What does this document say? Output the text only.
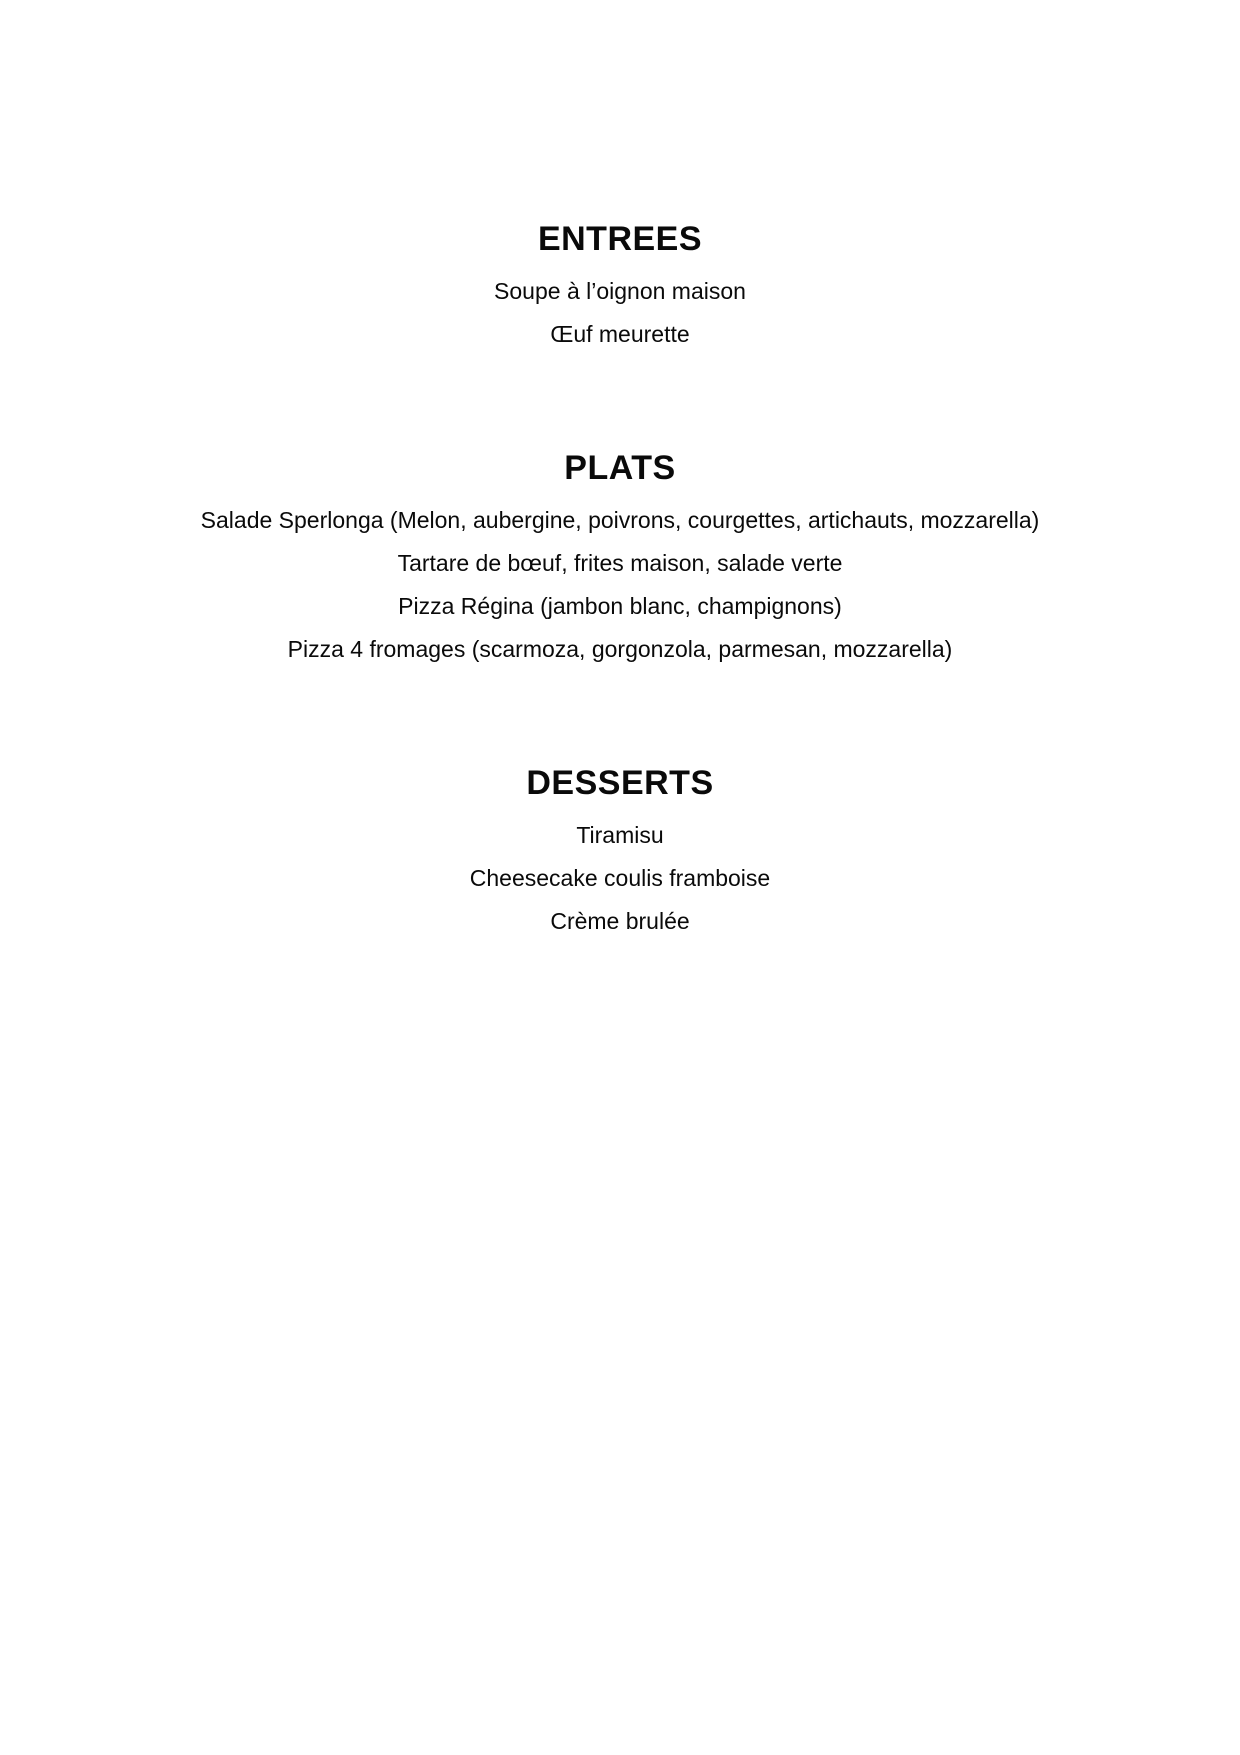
ENTREES

Soupe à l’oignon maison

Œuf meurette

PLATS

Salade Sperlonga (Melon, aubergine, poivrons, courgettes, artichauts, mozzarella)

Tartare de bœuf, frites maison, salade verte

Pizza Régina (jambon blanc, champignons)

Pizza 4 fromages (scarmoza, gorgonzola, parmesan, mozzarella)

DESSERTS

Tiramisu

Cheesecake coulis framboise

Crème brulée
